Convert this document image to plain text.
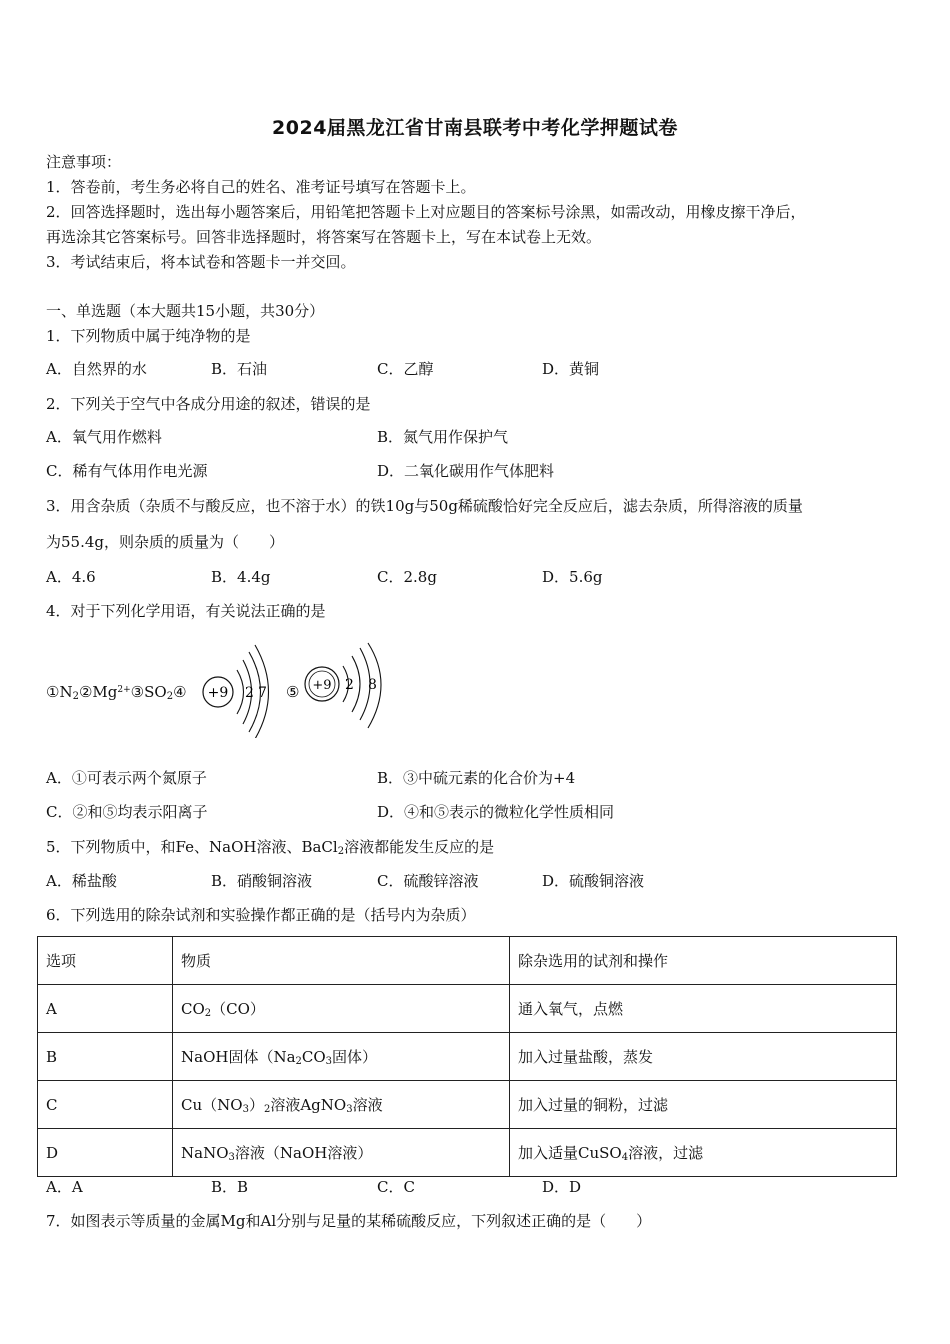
2024届黑龙江省甘南县联考中考化学押题试卷
注意事项：
1．答卷前，考生务必将自己的姓名、准考证号填写在答题卡上。
2．回答选择题时，选出每小题答案后，用铅笔把答题卡上对应题目的答案标号涂黑，如需改动，用橡皮擦干净后，
再选涂其它答案标号。回答非选择题时，将答案写在答题卡上，写在本试卷上无效。
3．考试结束后，将本试卷和答题卡一并交回。
一、单选题（本大题共15小题，共30分）
1．下列物质中属于纯净物的是
A．自然界的水	B．石油	C．乙醇	D．黄铜
2．下列关于空气中各成分用途的叙述，错误的是
A．氧气用作燃料	B．氮气用作保护气
C．稀有气体用作电光源	D．二氧化碳用作气体肥料
3．用含杂质（杂质不与酸反应，也不溶于水）的铁10g与50g稀硫酸恰好完全反应后，滤去杂质，所得溶液的质量
为55.4g，则杂质的质量为（　　）
A．4.6	B．4.4g	C．2.8g	D．5.6g
4．对于下列化学用语，有关说法正确的是
$①N_2②Mg^{2+}③SO_2④ +9$ 2 7 ⑤ +9 2 8
A．①可表示两个氮原子	B．③中硫元素的化合价为+4
C．②和⑤均表示阳离子	D．④和⑤表示的微粒化学性质相同
5．下列物质中，和Fe、NaOH溶液、BaCl$_2$溶液都能发生反应的是
A．稀盐酸	B．硝酸铜溶液	C．硫酸锌溶液	D．硫酸铜溶液
6．下列选用的除杂试剂和实验操作都正确的是（括号内为杂质）
选项	物质	除杂选用的试剂和操作
A	$CO_2(CO)$	通入氧气，点燃
B	NaOH固体（$Na_2CO_3$固体）	加入过量盐酸，蒸发
C	$Cu(NO_3)_2$溶液AgNO$_3$溶液	加入过量的铜粉，过滤
D	NaNO$_3$溶液（NaOH溶液）	加入适量CuSO$_4$溶液，过滤
A．A	B．B	C．C	D．D
7．如图表示等质量的金属Mg和Al分别与足量的某稀硫酸反应，下列叙述正确的是（　　）
